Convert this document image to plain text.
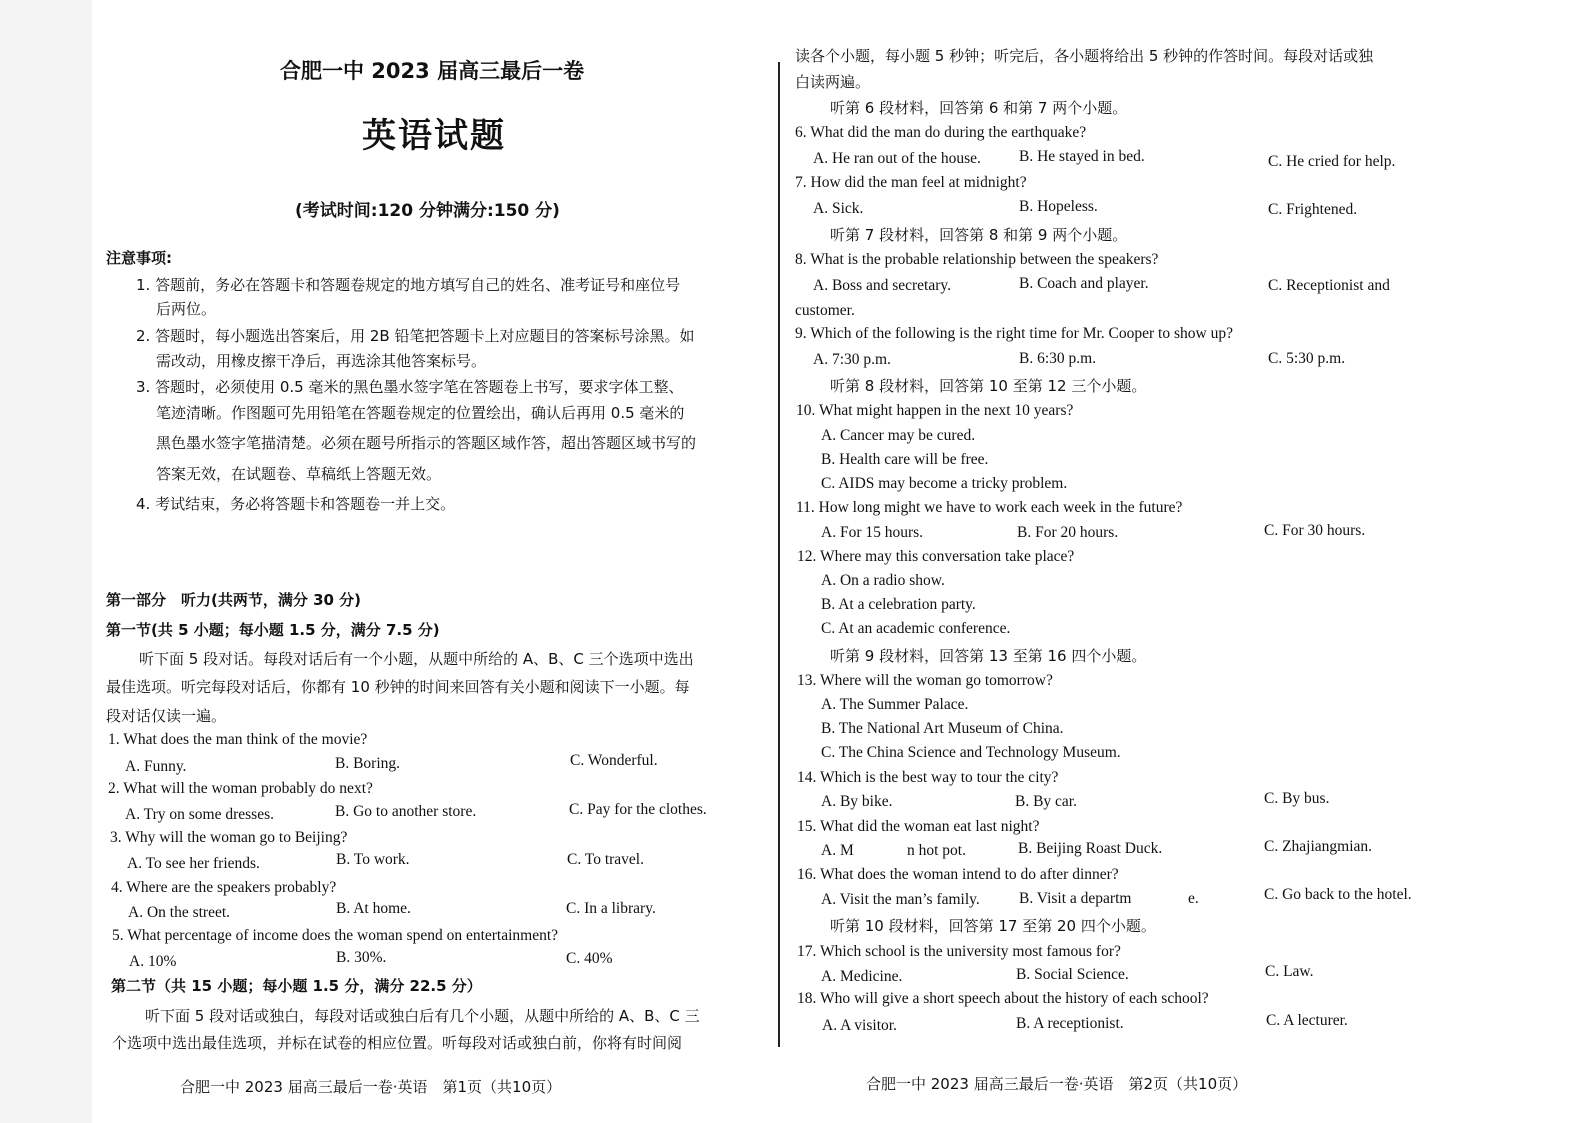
合肥一中 2023 届高三最后一卷
英语试题
(考试时间:120 分钟满分:150 分)
注意事项:
1. 答题前，务必在答题卡和答题卷规定的地方填写自己的姓名、准考证号和座位号
后两位。
2. 答题时，每小题选出答案后，用 2B 铅笔把答题卡上对应题目的答案标号涂黑。如
需改动，用橡皮擦干净后，再选涂其他答案标号。
3. 答题时，必须使用 0.5 毫米的黑色墨水签字笔在答题卷上书写，要求字体工整、
笔迹清晰。作图题可先用铅笔在答题卷规定的位置绘出，确认后再用 0.5 毫米的
黑色墨水签字笔描清楚。必须在题号所指示的答题区域作答，超出答题区域书写的
答案无效，在试题卷、草稿纸上答题无效。
4. 考试结束，务必将答题卡和答题卷一并上交。
第一部分　听力(共两节，满分 30 分)
第一节(共 5 小题；每小题 1.5 分，满分 7.5 分)
听下面 5 段对话。每段对话后有一个小题，从题中所给的 A、B、C 三个选项中选出
最佳选项。听完每段对话后，你都有 10 秒钟的时间来回答有关小题和阅读下一小题。每
段对话仅读一遍。
1. What does the man think of the movie?
A. Funny.	B. Boring.	C. Wonderful.
2. What will the woman probably do next?
A. Try on some dresses.	B. Go to another store.	C. Pay for the clothes.
3. Why will the woman go to Beijing?
A. To see her friends.	B. To work.	C. To travel.
4. Where are the speakers probably?
A. On the street.	B. At home.	C. In a library.
5. What percentage of income does the woman spend on entertainment?
A. 10%	B. 30%.	C. 40%
第二节（共 15 小题；每小题 1.5 分，满分 22.5 分）
听下面 5 段对话或独白，每段对话或独白后有几个小题，从题中所给的 A、B、C 三
个选项中选出最佳选项，并标在试卷的相应位置。听每段对话或独白前，你将有时间阅
合肥一中 2023 届高三最后一卷·英语　第1页（共10页）
读各个小题，每小题 5 秒钟；听完后，各小题将给出 5 秒钟的作答时间。每段对话或独
白读两遍。
听第 6 段材料，回答第 6 和第 7 两个小题。
6. What did the man do during the earthquake?
A. He ran out of the house. B. He stayed in bed.	C. He cried for help.
7. How did the man feel at midnight?
A. Sick.	B. Hopeless.	C. Frightened.
听第 7 段材料，回答第 8 和第 9 两个小题。
8. What is the probable relationship between the speakers?
A. Boss and secretary.	B. Coach and player.	C. Receptionist and
customer.
9. Which of the following is the right time for Mr. Cooper to show up?
A. 7:30 p.m.	B. 6:30 p.m.	C. 5:30 p.m.
听第 8 段材料，回答第 10 至第 12 三个小题。
10. What might happen in the next 10 years?
A. Cancer may be cured.
B. Health care will be free.
C. AIDS may become a tricky problem.
11. How long might we have to work each week in the future?
A. For 15 hours.	B. For 20 hours.	C. For 30 hours.
12. Where may this conversation take place?
A. On a radio show.
B. At a celebration party.
C. At an academic conference.
听第 9 段材料，回答第 13 至第 16 四个小题。
13. Where will the woman go tomorrow?
A. The Summer Palace.
B. The National Art Museum of China.
C. The China Science and Technology Museum.
14. Which is the best way to tour the city?
A. By bike.	B. By car.	C. By bus.
15. What did the woman eat last night?
A. M	n hot pot.	B. Beijing Roast Duck.	C. Zhajiangmian.
16. What does the woman intend to do after dinner?
A. Visit the man’s family.	B. Visit a departm	e.	C. Go back to the hotel.
听第 10 段材料，回答第 17 至第 20 四个小题。
17. Which school is the university most famous for?
A. Medicine.	B. Social Science.	C. Law.
18. Who will give a short speech about the history of each school?
A. A visitor.	B. A receptionist.	C. A lecturer.
合肥一中 2023 届高三最后一卷·英语　第2页（共10页）
